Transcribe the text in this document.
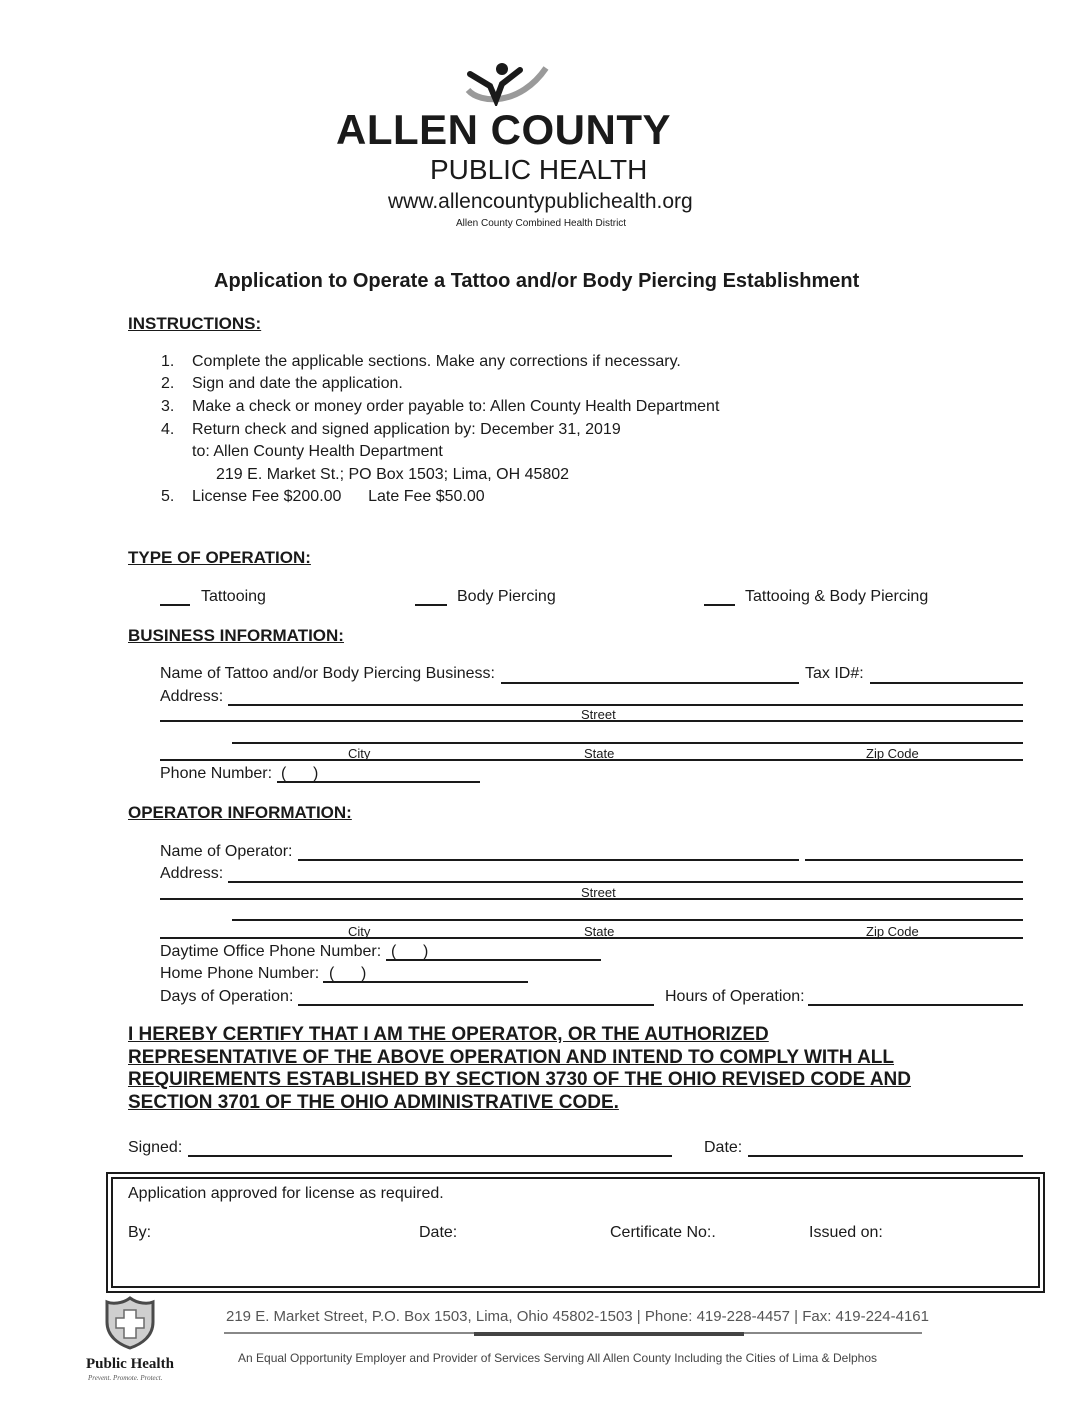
ALLEN COUNTY
PUBLIC HEALTH
www.allencountypublichealth.org
Allen County Combined Health District
Application to Operate a Tattoo and/or Body Piercing Establishment
INSTRUCTIONS:
1. Complete the applicable sections. Make any corrections if necessary.
2. Sign and date the application.
3. Make a check or money order payable to: Allen County Health Department
4. Return check and signed application by: December 31, 2019
to: Allen County Health Department
219 E. Market St.; PO Box 1503; Lima, OH 45802
5. License Fee $200.00      Late Fee $50.00
TYPE OF OPERATION:
Tattooing	Body Piercing	Tattooing & Body Piercing
BUSINESS INFORMATION:
Name of Tattoo and/or Body Piercing Business:	Tax ID#:
Address:
Street
City	State	Zip Code
Phone Number: (      )
OPERATOR INFORMATION:
Name of Operator:
Address:
Street
City	State	Zip Code
Daytime Office Phone Number: (      )
Home Phone Number: (      )
Days of Operation:	Hours of Operation:
I HEREBY CERTIFY THAT I AM THE OPERATOR, OR THE AUTHORIZED
REPRESENTATIVE OF THE ABOVE OPERATION AND INTEND TO COMPLY WITH ALL
REQUIREMENTS ESTABLISHED BY SECTION 3730 OF THE OHIO REVISED CODE AND
SECTION 3701 OF THE OHIO ADMINISTRATIVE CODE.
Signed:	Date:
Application approved for license as required.
By:	Date:	Certificate No:.	Issued on:
Public Health
Prevent. Promote. Protect.
219 E. Market Street, P.O. Box 1503, Lima, Ohio 45802-1503 | Phone: 419-228-4457 | Fax: 419-224-4161
An Equal Opportunity Employer and Provider of Services Serving All Allen County Including the Cities of Lima & Delphos
